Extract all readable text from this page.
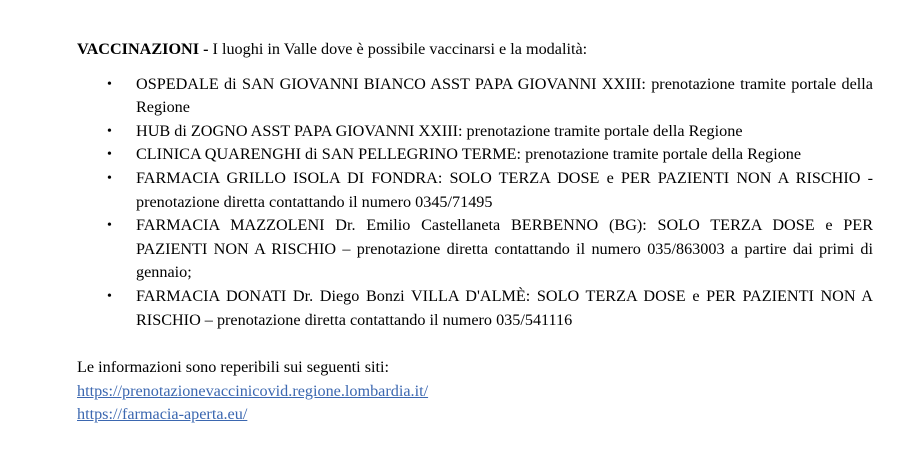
VACCINAZIONI - I luoghi in Valle dove è possibile vaccinarsi e la modalità:

• OSPEDALE di SAN GIOVANNI BIANCO ASST PAPA GIOVANNI XXIII: prenotazione tramite portale della Regione
• HUB di ZOGNO ASST PAPA GIOVANNI XXIII: prenotazione tramite portale della Regione
• CLINICA QUARENGHI di SAN PELLEGRINO TERME: prenotazione tramite portale della Regione
• FARMACIA GRILLO ISOLA DI FONDRA: SOLO TERZA DOSE e PER PAZIENTI NON A RISCHIO - prenotazione diretta contattando il numero 0345/71495
• FARMACIA MAZZOLENI Dr. Emilio Castellaneta BERBENNO (BG): SOLO TERZA DOSE e PER PAZIENTI NON A RISCHIO – prenotazione diretta contattando il numero 035/863003 a partire dai primi di gennaio;
• FARMACIA DONATI Dr. Diego Bonzi VILLA D'ALMÈ: SOLO TERZA DOSE e PER PAZIENTI NON A RISCHIO – prenotazione diretta contattando il numero 035/541116

Le informazioni sono reperibili sui seguenti siti:

https://prenotazionevaccinicovid.regione.lombardia.it/

https://farmacia-aperta.eu/
